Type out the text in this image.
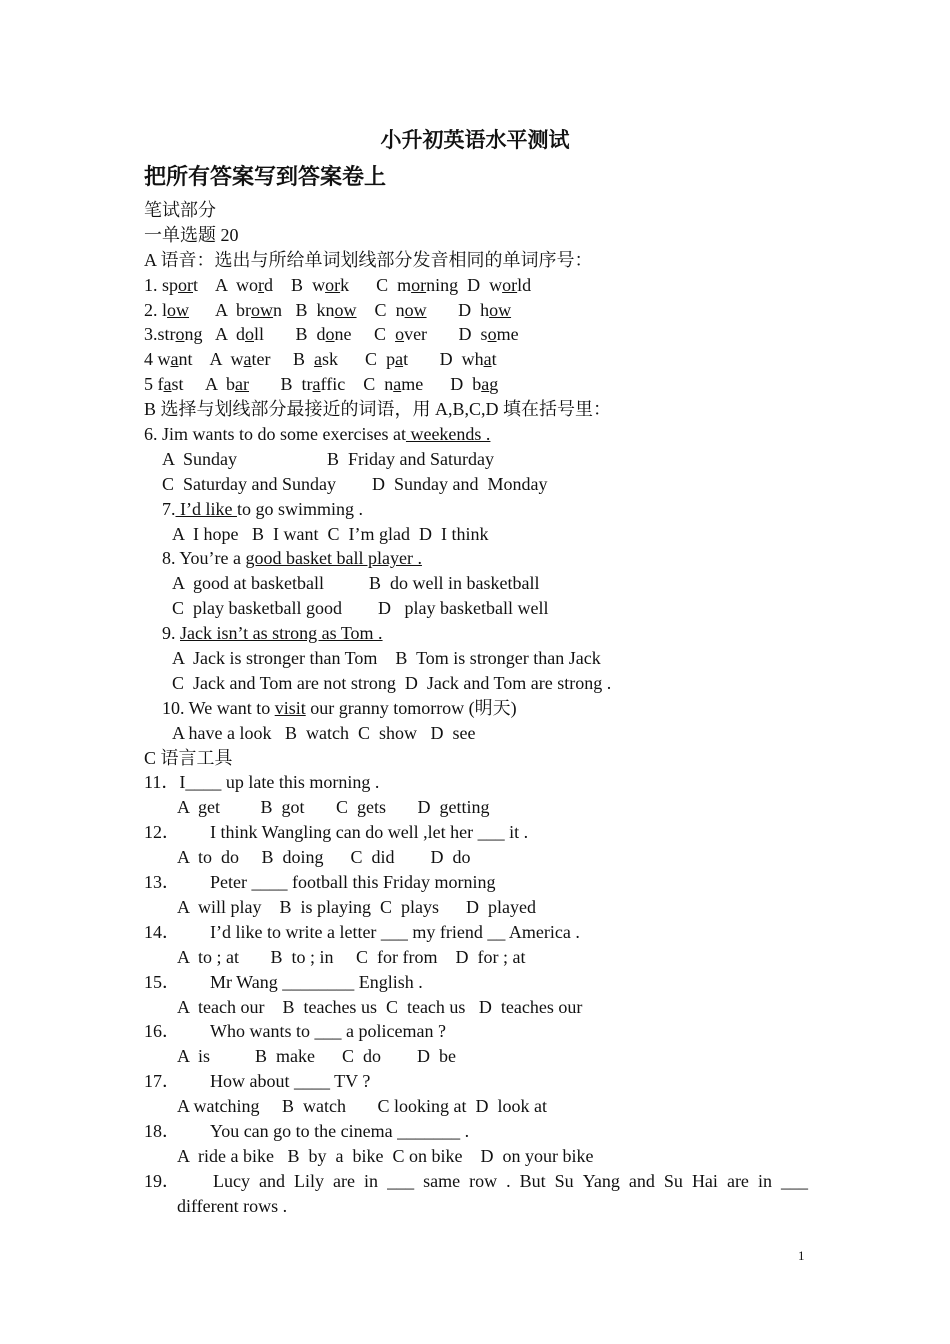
小升初英语水平测试
把所有答案写到答案卷上
笔试部分
一单选题 20
A 语音：选出与所给单词划线部分发音相同的单词序号：
1. sport    A  word    B  work      C  morning  D  world
2. low      A  brown   B  know    C  now       D  how
3.strong   A  doll       B  done     C  over       D  some
4 want    A  water     B  ask      C  pat       D  what
5 fast     A  bar       B  traffic    C  name      D  bag
B 选择与划线部分最接近的词语，用 A,B,C,D 填在括号里：
6. Jim wants to do some exercises at weekends .
A  Sunday	B  Friday and Saturday
C  Saturday and Sunday D  Sunday and  Monday
7. I’d like to go swimming .
A  I hope   B  I want  C  I’m glad  D  I think
8. You’re a good basket ball player .
A  good at basketball	B  do well in basketball
C  play basketball good D   play basketball well
9. Jack isn’t as strong as Tom .
A  Jack is stronger than Tom    B  Tom is stronger than Jack
C  Jack and Tom are not strong  D  Jack and Tom are strong .
10. We want to visit our granny tomorrow (明天)
A have a look   B  watch  C  show   D  see
C 语言工具
11．I____ up late this morning .
A  get         B  got       C  gets       D  getting
12． I think Wangling can do well ,let her ___ it .
A  to  do     B  doing      C  did        D  do
13． Peter ____ football this Friday morning
A  will play    B  is playing  C  plays      D  played
14． I’d like to write a letter ___ my friend __ America .
A  to ; at       B  to ; in     C  for from    D  for ; at
15． Mr Wang ________ English .
A  teach our    B  teaches us  C  teach us   D  teaches our
16． Who wants to ___ a policeman ?
A  is          B  make      C  do        D  be
17． How about ____ TV ?
A watching     B  watch       C looking at  D  look at
18． You can go to the cinema _______ .
A  ride a bike   B  by  a  bike  C on bike    D  on your bike
19．	Lucy and Lily are in ___ same row . But Su Yang and Su Hai are in ___
different rows .
1
